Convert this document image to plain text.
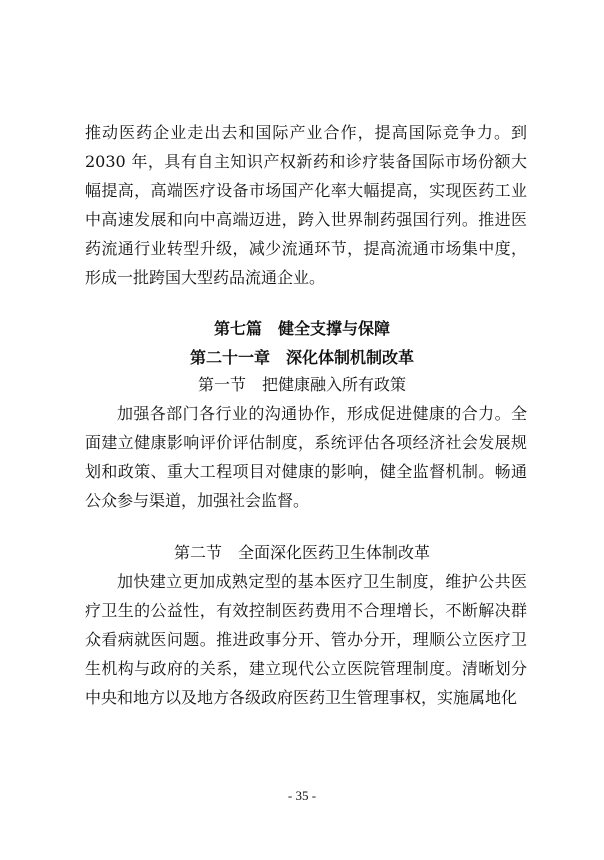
推动医药企业走出去和国际产业合作，提高国际竞争力。到 2030 年，具有自主知识产权新药和诊疗装备国际市场份额大幅提高，高端医疗设备市场国产化率大幅提高，实现医药工业中高速发展和向中高端迈进，跨入世界制药强国行列。推进医药流通行业转型升级，减少流通环节，提高流通市场集中度，形成一批跨国大型药品流通企业。

第七篇　健全支撑与保障
第二十一章　深化体制机制改革
第一节　把健康融入所有政策

加强各部门各行业的沟通协作，形成促进健康的合力。全面建立健康影响评价评估制度，系统评估各项经济社会发展规划和政策、重大工程项目对健康的影响，健全监督机制。畅通公众参与渠道，加强社会监督。

第二节　全面深化医药卫生体制改革

加快建立更加成熟定型的基本医疗卫生制度，维护公共医疗卫生的公益性，有效控制医药费用不合理增长，不断解决群众看病就医问题。推进政事分开、管办分开，理顺公立医疗卫生机构与政府的关系，建立现代公立医院管理制度。清晰划分中央和地方以及地方各级政府医药卫生管理事权，实施属地化

- 35 -
